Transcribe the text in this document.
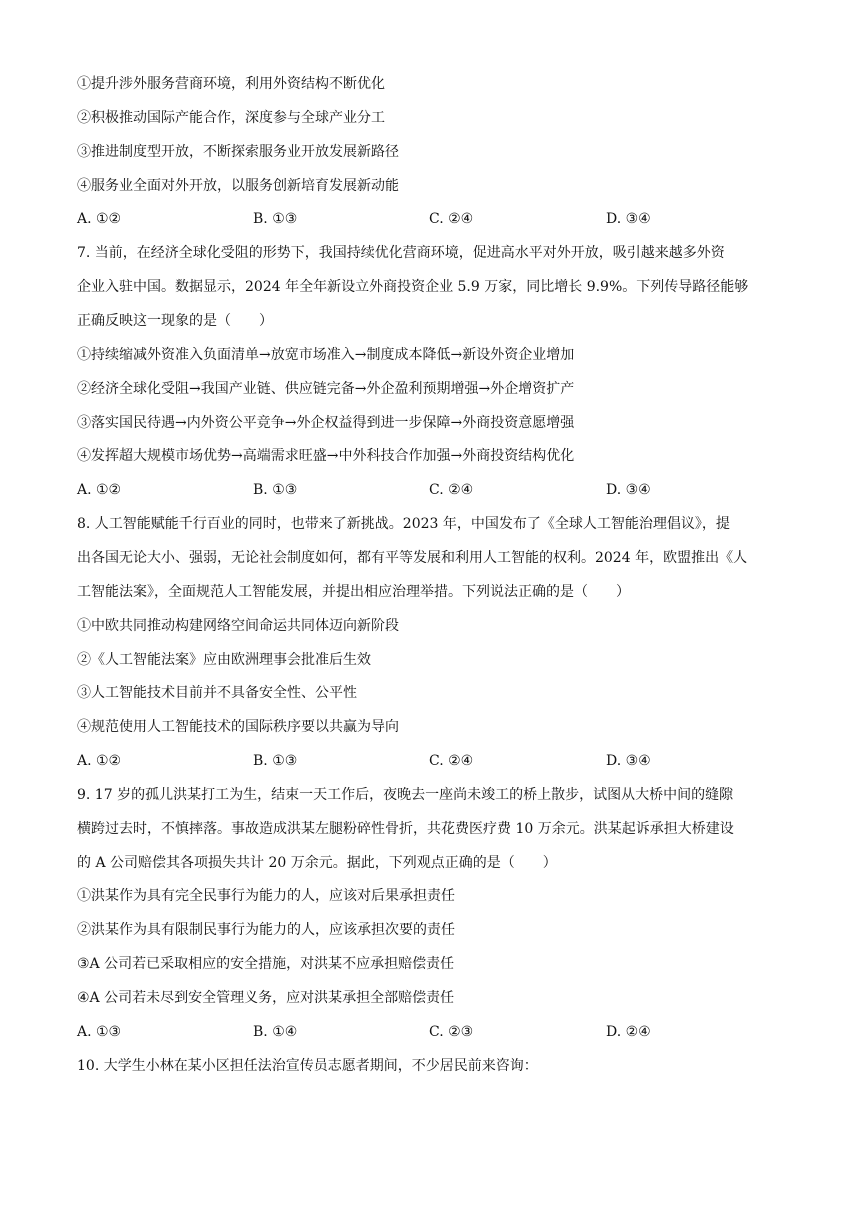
①提升涉外服务营商环境，利用外资结构不断优化
②积极推动国际产能合作，深度参与全球产业分工
③推进制度型开放，不断探索服务业开放发展新路径
④服务业全面对外开放，以服务创新培育发展新动能
A. ①②	B. ①③	C. ②④	D. ③④
7. 当前，在经济全球化受阻的形势下，我国持续优化营商环境，促进高水平对外开放，吸引越来越多外资
企业入驻中国。数据显示，2024 年全年新设立外商投资企业 5.9 万家，同比增长 9.9%。下列传导路径能够
正确反映这一现象的是（　　）
①持续缩减外资准入负面清单→放宽市场准入→制度成本降低→新设外资企业增加
②经济全球化受阻→我国产业链、供应链完备→外企盈利预期增强→外企增资扩产
③落实国民待遇→内外资公平竞争→外企权益得到进一步保障→外商投资意愿增强
④发挥超大规模市场优势→高端需求旺盛→中外科技合作加强→外商投资结构优化
A. ①②	B. ①③	C. ②④	D. ③④
8. 人工智能赋能千行百业的同时，也带来了新挑战。2023 年，中国发布了《全球人工智能治理倡议》，提
出各国无论大小、强弱，无论社会制度如何，都有平等发展和利用人工智能的权利。2024 年，欧盟推出《人
工智能法案》，全面规范人工智能发展，并提出相应治理举措。下列说法正确的是（　　）
①中欧共同推动构建网络空间命运共同体迈向新阶段
②《人工智能法案》应由欧洲理事会批准后生效
③人工智能技术目前并不具备安全性、公平性
④规范使用人工智能技术的国际秩序要以共赢为导向
A. ①②	B. ①③	C. ②④	D. ③④
9. 17 岁的孤儿洪某打工为生，结束一天工作后，夜晚去一座尚未竣工的桥上散步，试图从大桥中间的缝隙
横跨过去时，不慎摔落。事故造成洪某左腿粉碎性骨折，共花费医疗费 10 万余元。洪某起诉承担大桥建设
的 A 公司赔偿其各项损失共计 20 万余元。据此，下列观点正确的是（　　）
①洪某作为具有完全民事行为能力的人，应该对后果承担责任
②洪某作为具有限制民事行为能力的人，应该承担次要的责任
③A 公司若已采取相应的安全措施，对洪某不应承担赔偿责任
④A 公司若未尽到安全管理义务，应对洪某承担全部赔偿责任
A. ①③	B. ①④	C. ②③	D. ②④
10. 大学生小林在某小区担任法治宣传员志愿者期间，不少居民前来咨询：
